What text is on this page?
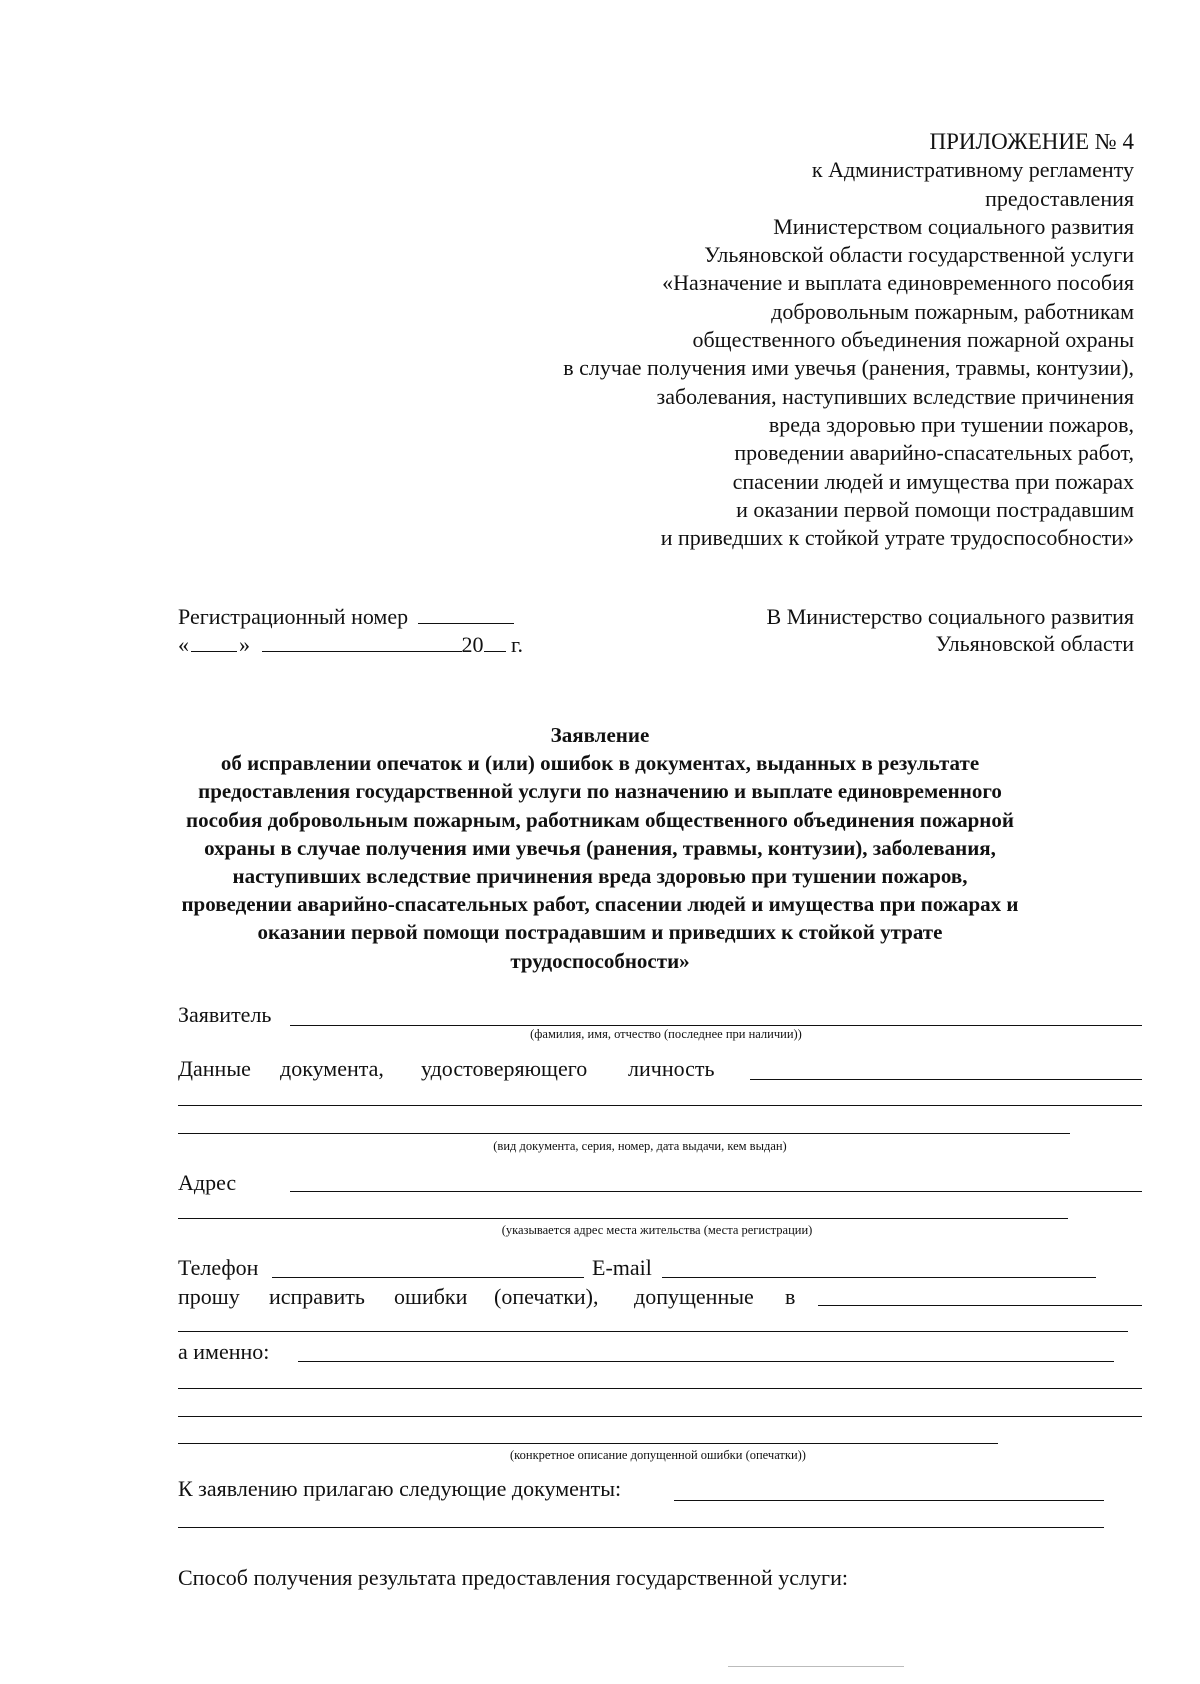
ПРИЛОЖЕНИЕ № 4
к Административному регламенту
предоставления
Министерством социального развития
Ульяновской области государственной услуги
«Назначение и выплата единовременного пособия
добровольным пожарным, работникам
общественного объединения пожарной охраны
в случае получения ими увечья (ранения, травмы, контузии),
заболевания, наступивших вследствие причинения
вреда здоровью при тушении пожаров,
проведении аварийно-спасательных работ,
спасении людей и имущества при пожарах
и оказании первой помощи пострадавшим
и приведших к стойкой утрате трудоспособности»
Регистрационный номер
« »	20 г.
В Министерство социального развития
Ульяновской области
Заявление
об исправлении опечаток и (или) ошибок в документах, выданных в результате
предоставления государственной услуги по назначению и выплате единовременного
пособия добровольным пожарным, работникам общественного объединения пожарной
охраны в случае получения ими увечья (ранения, травмы, контузии), заболевания,
наступивших вследствие причинения вреда здоровью при тушении пожаров,
проведении аварийно-спасательных работ, спасении людей и имущества при пожарах и
оказании первой помощи пострадавшим и приведших к стойкой утрате
трудоспособности»
Заявитель
(фамилия, имя, отчество (последнее при наличии))
Данные документа, удостоверяющего личность
(вид документа, серия, номер, дата выдачи, кем выдан)
Адрес
(указывается адрес места жительства (места регистрации)
Телефон	E-mail
прошу исправить ошибки (опечатки), допущенные в
а именно:
(конкретное описание допущенной ошибки (опечатки))
К заявлению прилагаю следующие документы:
Способ получения результата предоставления государственной услуги:
